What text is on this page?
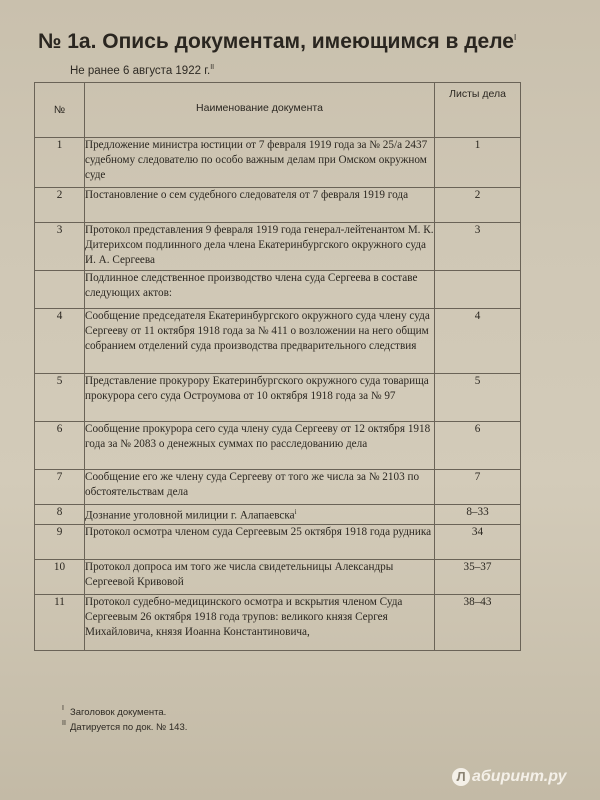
№ 1а. Опись документам, имеющимся в деле$^I$
Не ранее 6 августа 1922 г.$^{II}$
№	Наименование документа	Листы дела
1	Предложение министра юстиции от 7 февраля 1919 года за № 25/а 2437 судебному следователю по особо важным делам при Омском окружном суде	1
2	Постановление о сем судебного следователя от 7 февраля 1919 года	2
3	Протокол представления 9 февраля 1919 года генерал-лейтенантом М. К. Дитерихсом подлинного дела члена Екатеринбургского окружного суда И. А. Сергеева	3
	Подлинное следственное производство члена суда Сергеева в составе следующих актов:	
4	Сообщение председателя Екатеринбургского окружного суда члену суда Сергееву от 11 октября 1918 года за № 411 о возложении на него общим собранием отделений суда производства предварительного следствия	4
5	Представление прокурору Екатеринбургского окружного суда товарища прокурора сего суда Остроумова от 10 октября 1918 года за № 97	5
6	Сообщение прокурора сего суда члену суда Сергееву от 12 октября 1918 года за № 2083 о денежных суммах по расследованию дела	6
7	Сообщение его же члену суда Сергееву от того же числа за № 2103 по обстоятельствам дела	7
8	Дознание уголовной милиции г. Алапаевска$^i$	8–33
9	Протокол осмотра членом суда Сергеевым 25 октября 1918 года рудника	34
10	Протокол допроса им того же числа свидетельницы Александры Сергеевой Кривовой	35–37
11	Протокол судебно-медицинского осмотра и вскрытия членом Суда Сергеевым 26 октября 1918 года трупов: великого князя Сергея Михайловича, князя Иоанна Константиновича,	38–43
I Заголовок документа.
II Датируется по док. № 143.
Л абиринт.ру
